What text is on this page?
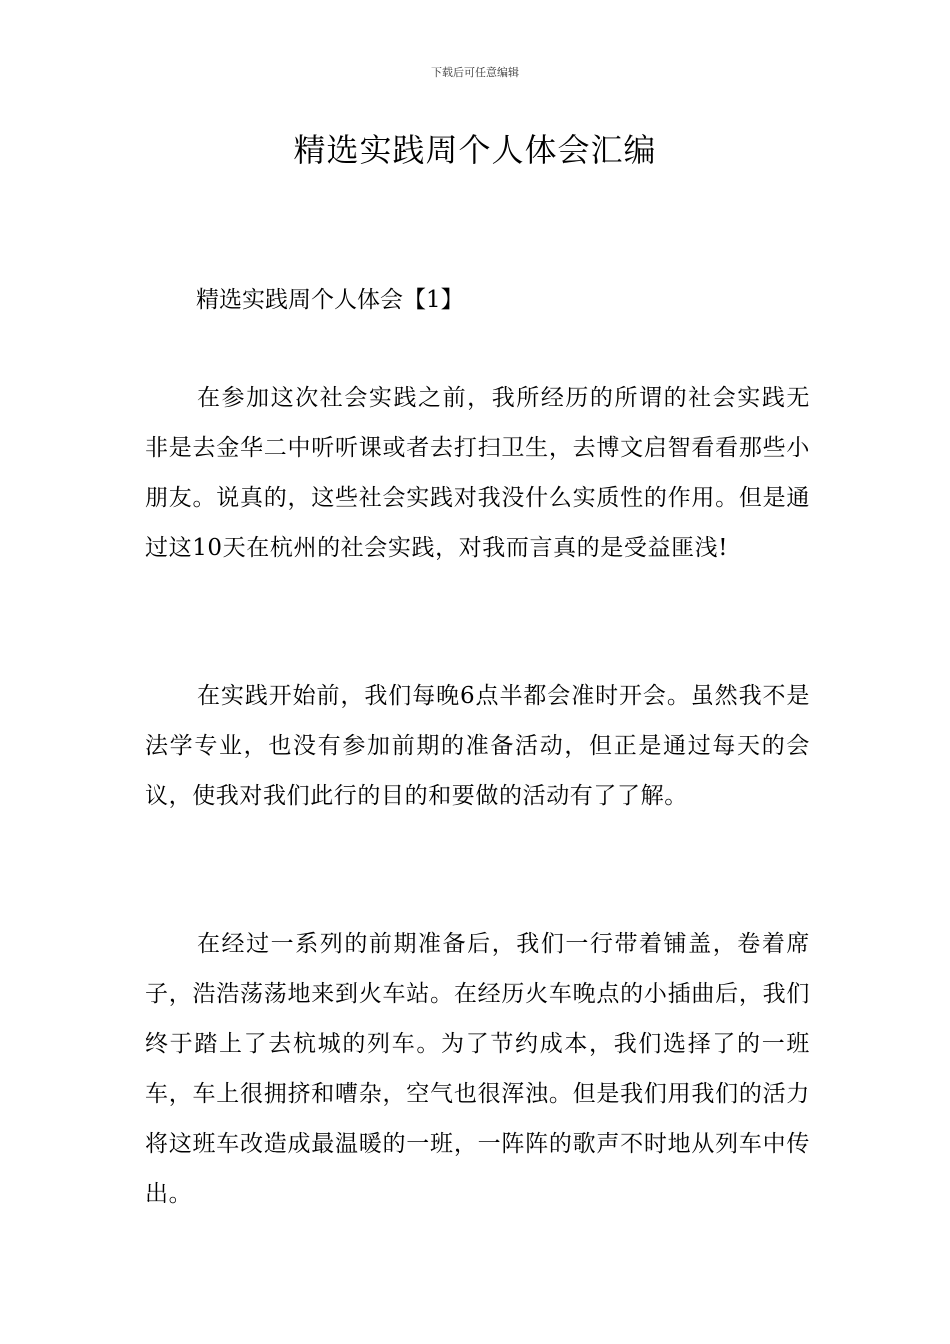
下载后可任意编辑
精选实践周个人体会汇编
精选实践周个人体会【1】

在参加这次社会实践之前，我所经历的所谓的社会实践无非是去金华二中听听课或者去打扫卫生，去博文启智看看那些小朋友。说真的，这些社会实践对我没什么实质性的作用。但是通过这10天在杭州的社会实践，对我而言真的是受益匪浅!

在实践开始前，我们每晚6点半都会准时开会。虽然我不是法学专业，也没有参加前期的准备活动，但正是通过每天的会议，使我对我们此行的目的和要做的活动有了了解。

在经过一系列的前期准备后，我们一行带着铺盖，卷着席子，浩浩荡荡地来到火车站。在经历火车晚点的小插曲后，我们终于踏上了去杭城的列车。为了节约成本，我们选择了的一班车，车上很拥挤和嘈杂，空气也很浑浊。但是我们用我们的活力将这班车改造成最温暖的一班，一阵阵的歌声不时地从列车中传出。
